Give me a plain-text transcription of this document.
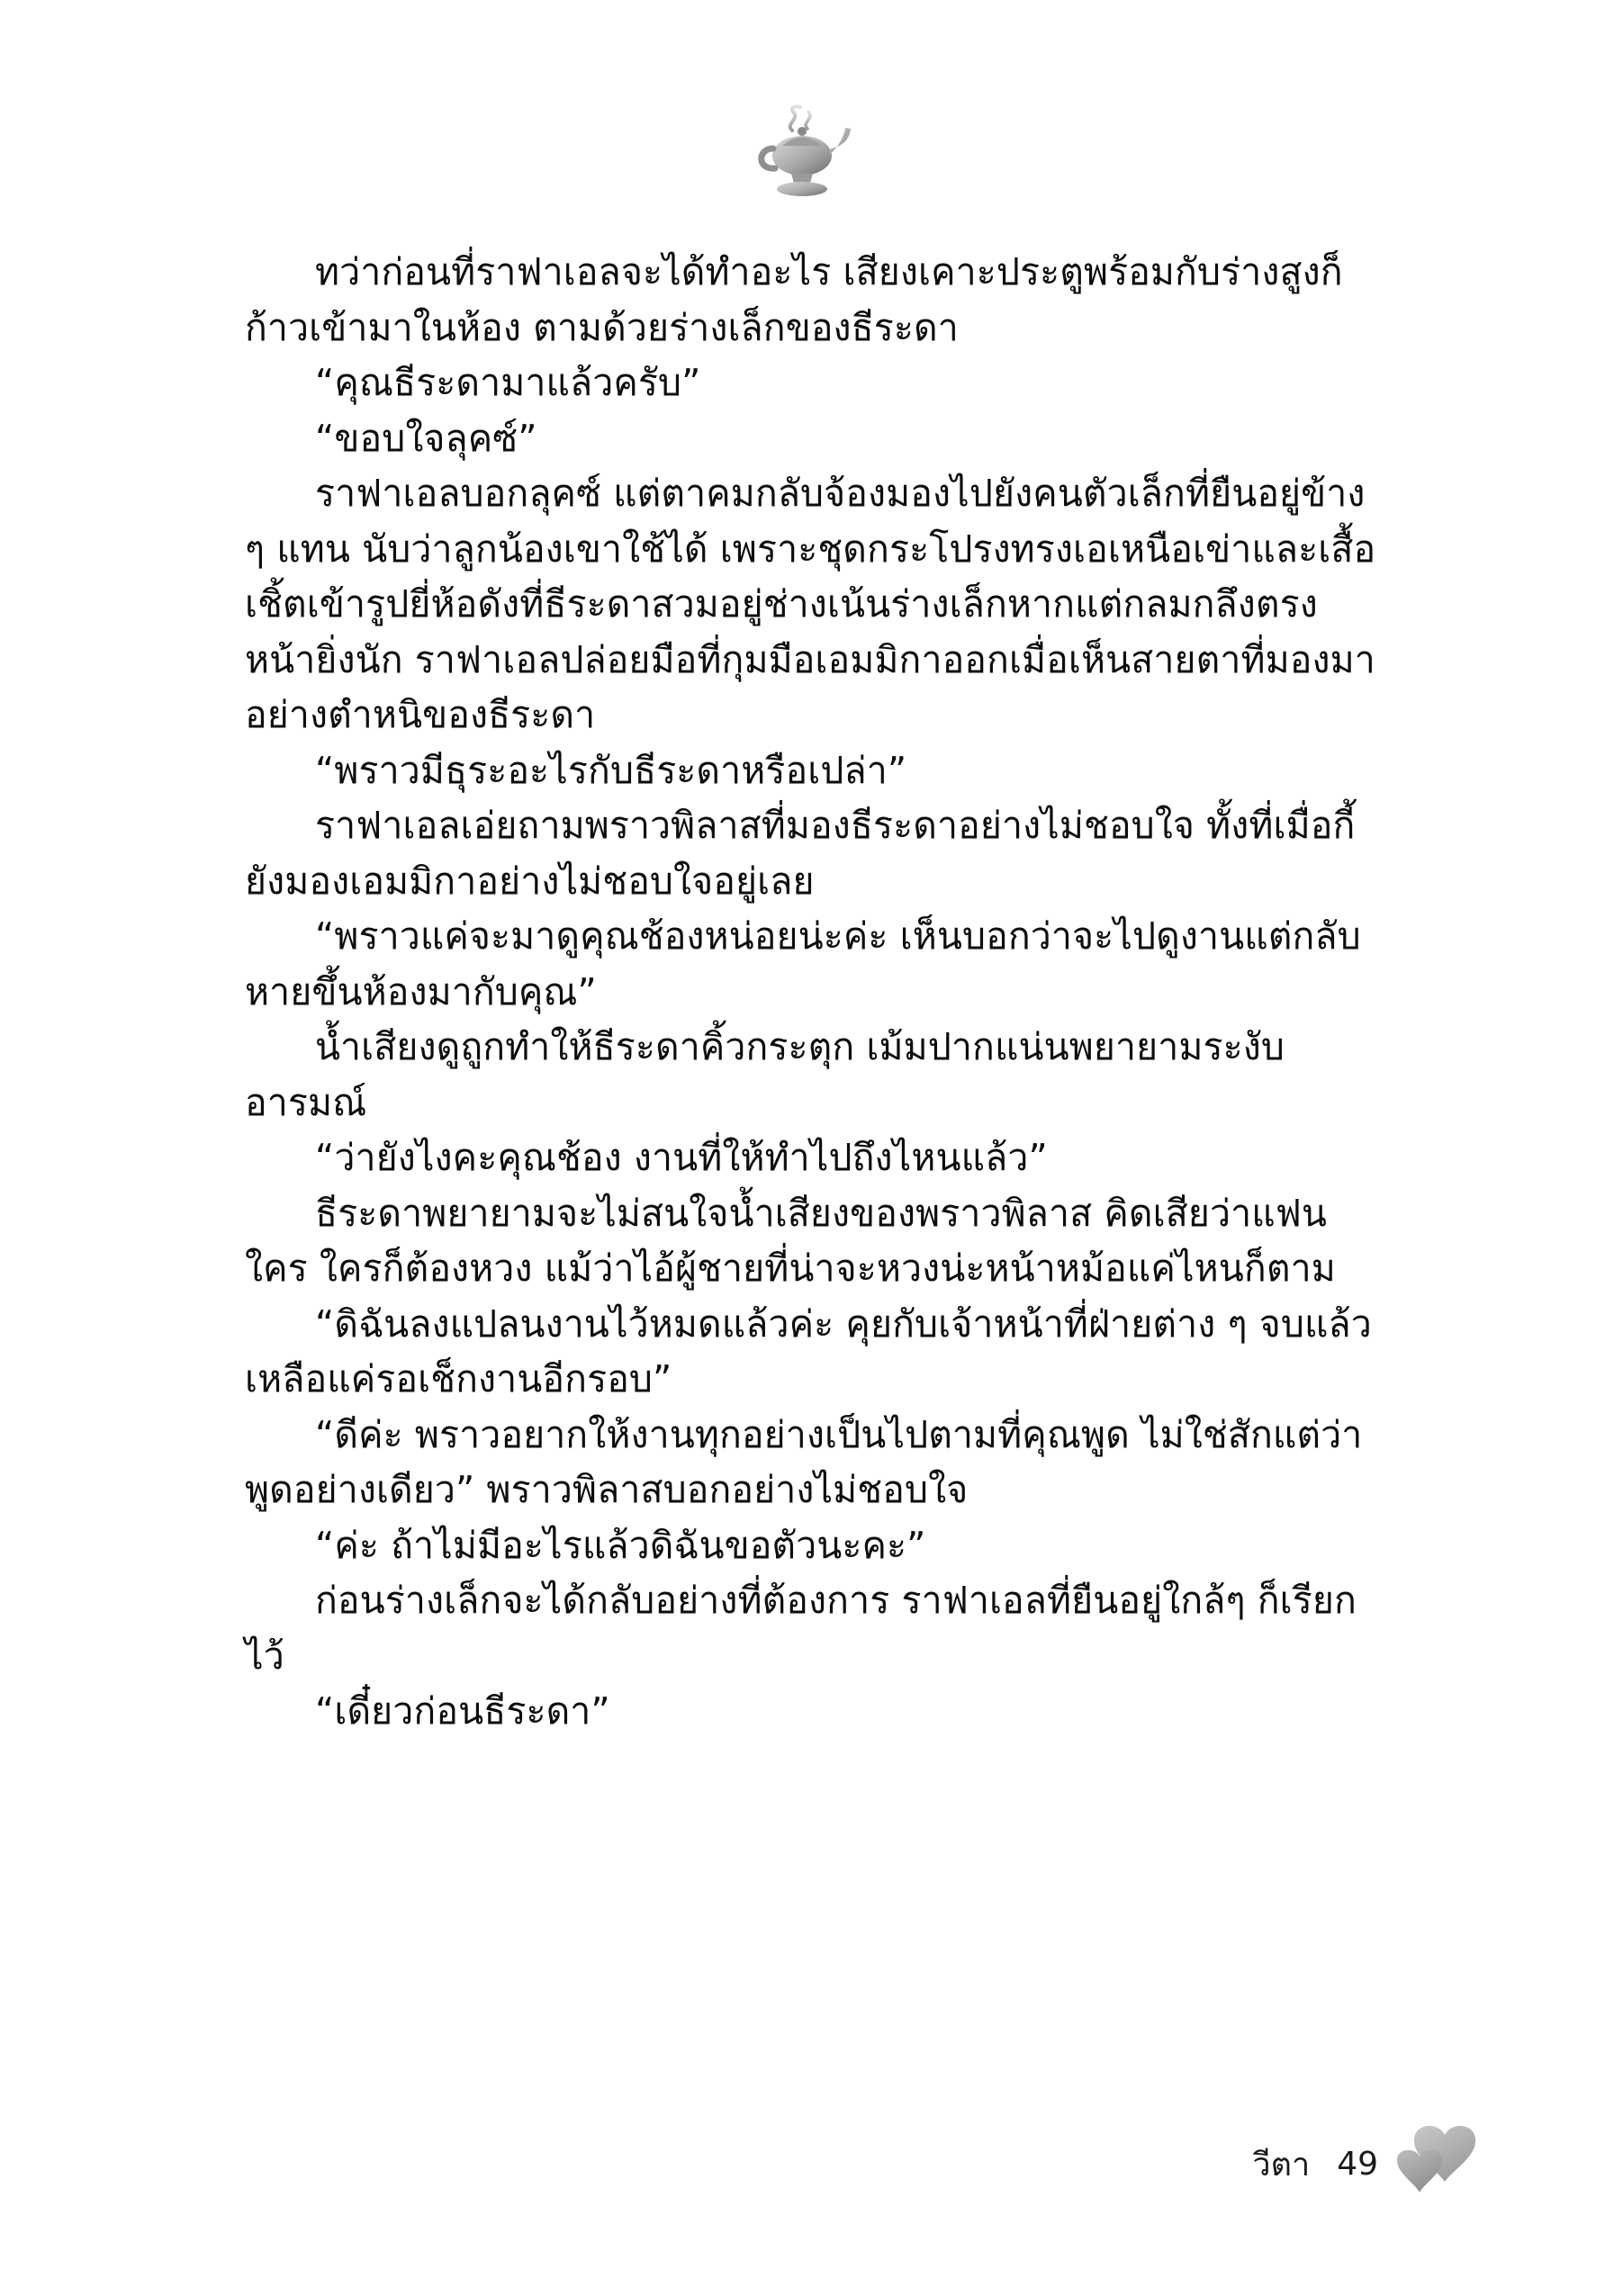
ทว่าก่อนที่ราฟาเอลจะได้ทำอะไร เสียงเคาะประตูพร้อมกับร่างสูงก็ก้าวเข้ามาในห้อง ตามด้วยร่างเล็กของธีระดา

“คุณธีระดามาแล้วครับ”

“ขอบใจลุคซ์”

ราฟาเอลบอกลุคซ์ แต่ตาคมกลับจ้องมองไปยังคนตัวเล็กที่ยืนอยู่ข้าง ๆ แทน นับว่าลูกน้องเขาใช้ได้ เพราะชุดกระโปรงทรงเอเหนือเข่าและเสื้อเชิ้ตเข้ารูปยี่ห้อดังที่ธีระดาสวมอยู่ช่างเน้นร่างเล็กหากแต่กลมกลึงตรงหน้ายิ่งนัก ราฟาเอลปล่อยมือที่กุมมือเอมมิกาออกเมื่อเห็นสายตาที่มองมาอย่างตำหนิของธีระดา

“พราวมีธุระอะไรกับธีระดาหรือเปล่า”

ราฟาเอลเอ่ยถามพราวพิลาสที่มองธีระดาอย่างไม่ชอบใจ ทั้งที่เมื่อกี้ยังมองเอมมิกาอย่างไม่ชอบใจอยู่เลย

“พราวแค่จะมาดูคุณช้องหน่อยน่ะค่ะ เห็นบอกว่าจะไปดูงานแต่กลับหายขึ้นห้องมากับคุณ”

น้ำเสียงดูถูกทำให้ธีระดาคิ้วกระตุก เม้มปากแน่นพยายามระงับอารมณ์

“ว่ายังไงคะคุณช้อง งานที่ให้ทำไปถึงไหนแล้ว”

ธีระดาพยายามจะไม่สนใจน้ำเสียงของพราวพิลาส คิดเสียว่าแฟนใคร ใครก็ต้องหวง แม้ว่าไอ้ผู้ชายที่น่าจะหวงน่ะหน้าหม้อแค่ไหนก็ตาม

“ดิฉันลงแปลนงานไว้หมดแล้วค่ะ คุยกับเจ้าหน้าที่ฝ่ายต่าง ๆ จบแล้ว เหลือแค่รอเช็กงานอีกรอบ”

“ดีค่ะ พราวอยากให้งานทุกอย่างเป็นไปตามที่คุณพูด ไม่ใช่สักแต่ว่าพูดอย่างเดียว” พราวพิลาสบอกอย่างไม่ชอบใจ

“ค่ะ ถ้าไม่มีอะไรแล้วดิฉันขอตัวนะคะ”

ก่อนร่างเล็กจะได้กลับอย่างที่ต้องการ ราฟาเอลที่ยืนอยู่ใกล้ๆ ก็เรียกไว้

“เดี๋ยวก่อนธีระดา”

วีตา 49
